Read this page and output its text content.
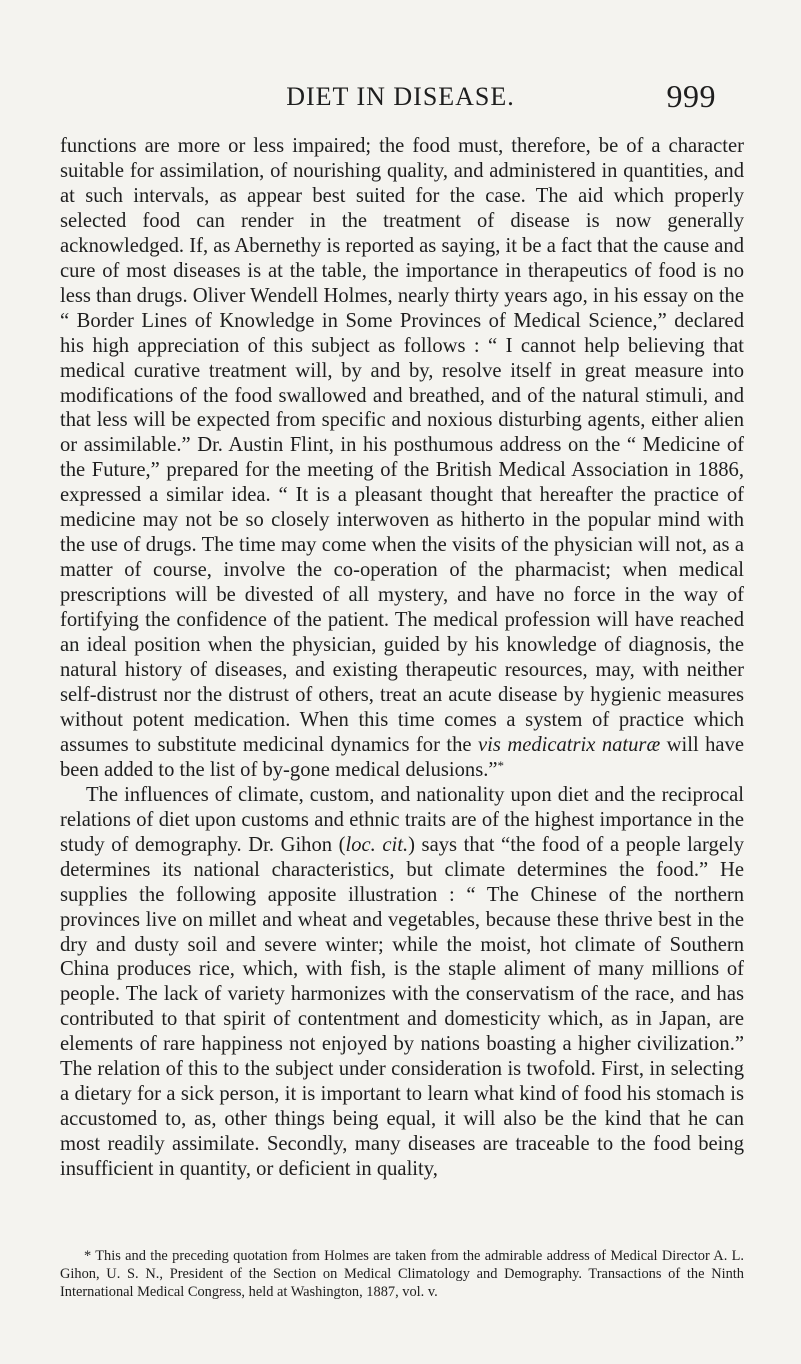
DIET IN DISEASE.	999

functions are more or less impaired; the food must, therefore, be of a character suitable for assimilation, of nourishing quality, and administered in quantities, and at such intervals, as appear best suited for the case. The aid which properly selected food can render in the treatment of disease is now generally acknowledged. If, as Abernethy is reported as saying, it be a fact that the cause and cure of most diseases is at the table, the importance in therapeutics of food is no less than drugs. Oliver Wendell Holmes, nearly thirty years ago, in his essay on the “ Border Lines of Knowledge in Some Provinces of Medical Science,” declared his high appreciation of this subject as follows : “ I cannot help believing that medical curative treatment will, by and by, resolve itself in great measure into modifications of the food swallowed and breathed, and of the natural stimuli, and that less will be expected from specific and noxious disturbing agents, either alien or assimilable.” Dr. Austin Flint, in his posthumous address on the “ Medicine of the Future,” prepared for the meeting of the British Medical Association in 1886, expressed a similar idea. “ It is a pleasant thought that hereafter the practice of medicine may not be so closely interwoven as hitherto in the popular mind with the use of drugs. The time may come when the visits of the physician will not, as a matter of course, involve the co-operation of the pharmacist; when medical prescriptions will be divested of all mystery, and have no force in the way of fortifying the confidence of the patient. The medical profession will have reached an ideal position when the physician, guided by his knowledge of diagnosis, the natural history of diseases, and existing therapeutic resources, may, with neither self-distrust nor the distrust of others, treat an acute disease by hygienic measures without potent medication. When this time comes a system of practice which assumes to substitute medicinal dynamics for the vis medicatrix naturæ will have been added to the list of by-gone medical delusions.”*

The influences of climate, custom, and nationality upon diet and the reciprocal relations of diet upon customs and ethnic traits are of the highest importance in the study of demography. Dr. Gihon (loc. cit.) says that “the food of a people largely determines its national characteristics, but climate determines the food.” He supplies the following apposite illustration : “ The Chinese of the northern provinces live on millet and wheat and vegetables, because these thrive best in the dry and dusty soil and severe winter; while the moist, hot climate of Southern China produces rice, which, with fish, is the staple aliment of many millions of people. The lack of variety harmonizes with the conservatism of the race, and has contributed to that spirit of contentment and domesticity which, as in Japan, are elements of rare happiness not enjoyed by nations boasting a higher civilization.” The relation of this to the subject under consideration is twofold. First, in selecting a dietary for a sick person, it is important to learn what kind of food his stomach is accustomed to, as, other things being equal, it will also be the kind that he can most readily assimilate. Secondly, many diseases are traceable to the food being insufficient in quantity, or deficient in quality,

* This and the preceding quotation from Holmes are taken from the admirable address of Medical Director A. L. Gihon, U. S. N., President of the Section on Medical Climatology and Demography. Transactions of the Ninth International Medical Congress, held at Washington, 1887, vol. v.
